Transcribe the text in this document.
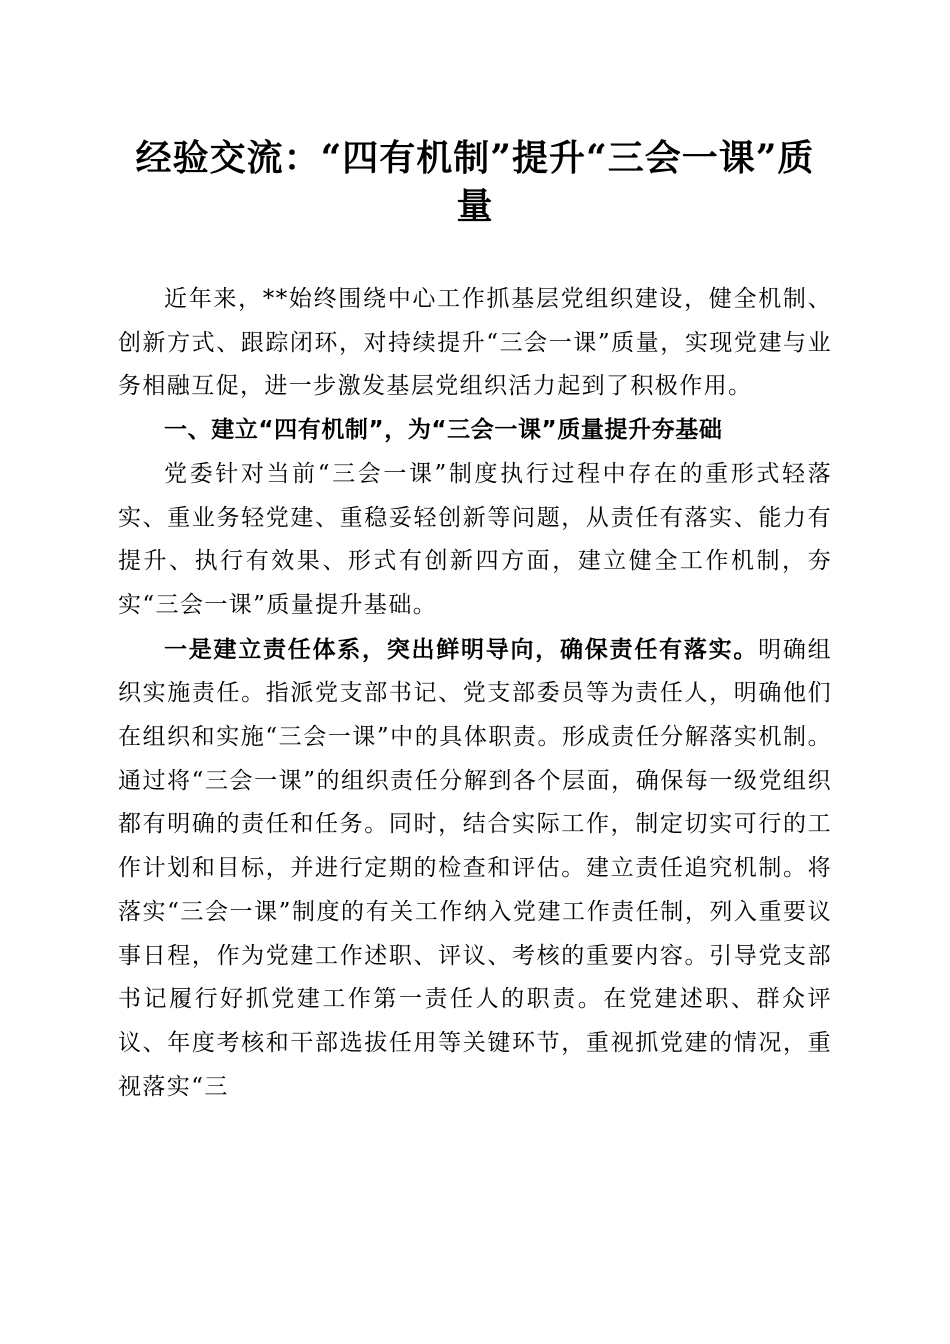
经验交流：“四有机制”提升“三会一课”质量

近年来，**始终围绕中心工作抓基层党组织建设，健全机制、创新方式、跟踪闭环，对持续提升“三会一课”质量，实现党建与业务相融互促，进一步激发基层党组织活力起到了积极作用。

一、建立“四有机制”，为“三会一课”质量提升夯基础

党委针对当前“三会一课”制度执行过程中存在的重形式轻落实、重业务轻党建、重稳妥轻创新等问题，从责任有落实、能力有提升、执行有效果、形式有创新四方面，建立健全工作机制，夯实“三会一课”质量提升基础。

一是建立责任体系，突出鲜明导向，确保责任有落实。明确组织实施责任。指派党支部书记、党支部委员等为责任人，明确他们在组织和实施“三会一课”中的具体职责。形成责任分解落实机制。通过将“三会一课”的组织责任分解到各个层面，确保每一级党组织都有明确的责任和任务。同时，结合实际工作，制定切实可行的工作计划和目标，并进行定期的检查和评估。建立责任追究机制。将落实“三会一课”制度的有关工作纳入党建工作责任制，列入重要议事日程，作为党建工作述职、评议、考核的重要内容。引导党支部书记履行好抓党建工作第一责任人的职责。在党建述职、群众评议、年度考核和干部选拔任用等关键环节，重视抓党建的情况，重视落实“三
